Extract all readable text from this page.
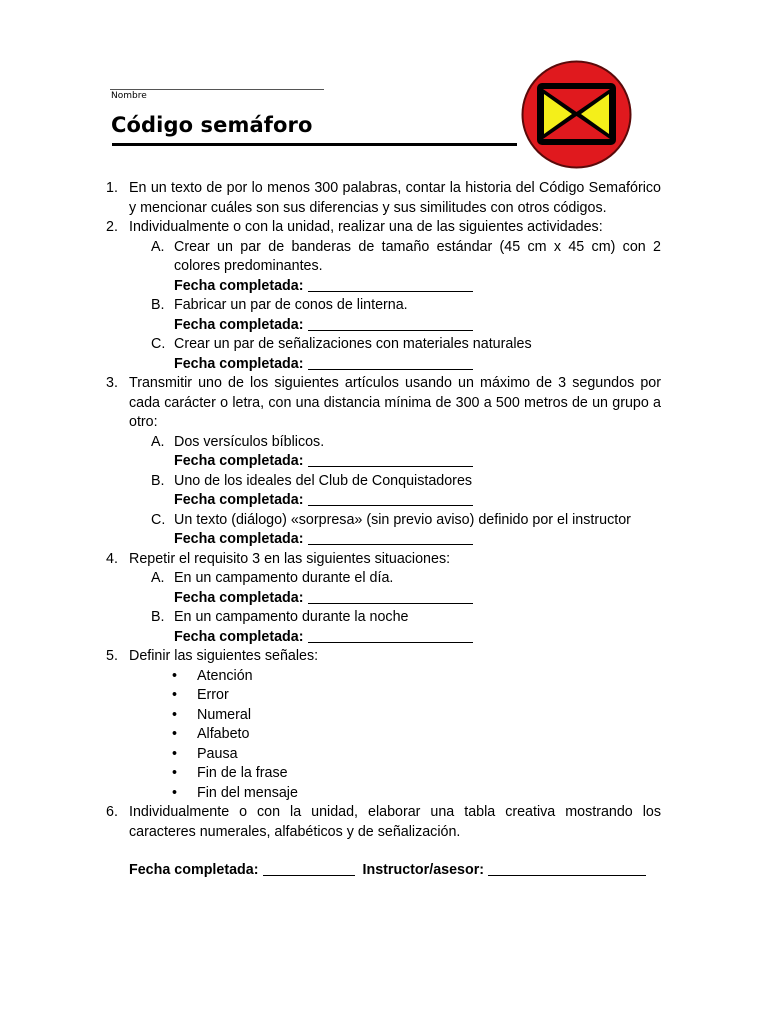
Nombre
Código semáforo
1. En un texto de por lo menos 300 palabras, contar la historia del Código Semafórico y mencionar cuáles son sus diferencias y sus similitudes con otros códigos.
2. Individualmente o con la unidad, realizar una de las siguientes actividades:
A. Crear un par de banderas de tamaño estándar (45 cm x 45 cm) con 2 colores predominantes.
Fecha completada:
B. Fabricar un par de conos de linterna.
Fecha completada:
C. Crear un par de señalizaciones con materiales naturales
Fecha completada:
3. Transmitir uno de los siguientes artículos usando un máximo de 3 segundos por cada carácter o letra, con una distancia mínima de 300 a 500 metros de un grupo a otro:
A. Dos versículos bíblicos.
Fecha completada:
B. Uno de los ideales del Club de Conquistadores
Fecha completada:
C. Un texto (diálogo) «sorpresa» (sin previo aviso) definido por el instructor
Fecha completada:
4. Repetir el requisito 3 en las siguientes situaciones:
A. En un campamento durante el día.
Fecha completada:
B. En un campamento durante la noche
Fecha completada:
5. Definir las siguientes señales:
• Atención
• Error
• Numeral
• Alfabeto
• Pausa
• Fin de la frase
• Fin del mensaje
6. Individualmente o con la unidad, elaborar una tabla creativa mostrando los caracteres numerales, alfabéticos y de señalización.
Fecha completada:	Instructor/asesor:
